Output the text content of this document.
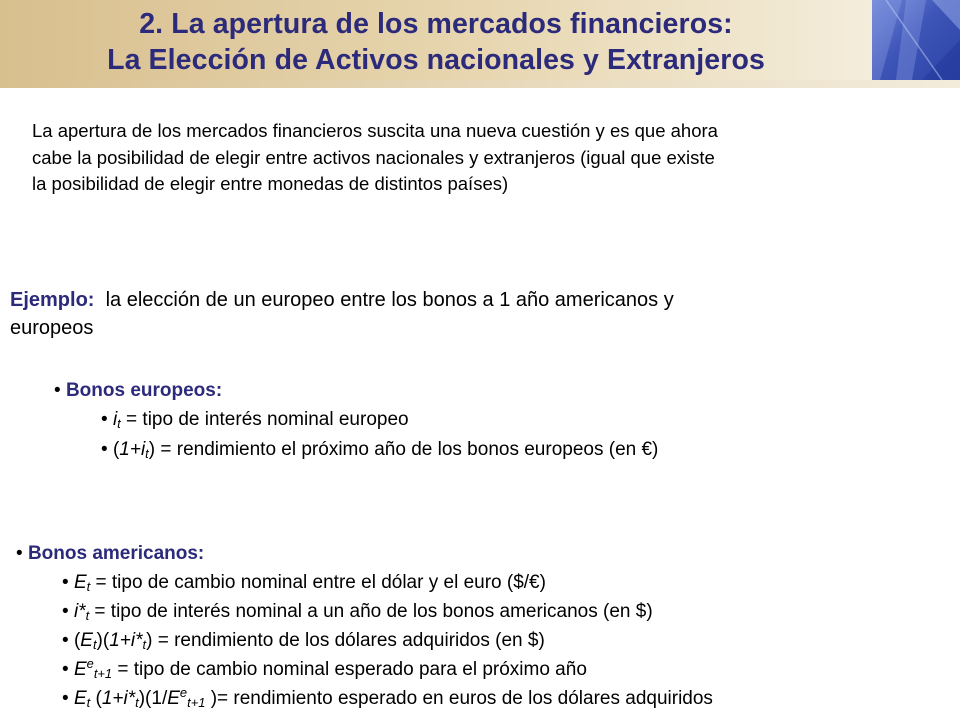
2. La apertura de los mercados financieros:
La Elección de Activos nacionales y Extranjeros
La apertura de los mercados financieros suscita una nueva cuestión y es que ahora
cabe la posibilidad de elegir entre activos nacionales y extranjeros (igual que existe
la posibilidad de elegir entre monedas de distintos países)
Ejemplo: la elección de un europeo entre los bonos a 1 año americanos y
europeos
• Bonos europeos:
• $i_t$ = tipo de interés nominal europeo
• $(1+i_t)$ = rendimiento el próximo año de los bonos europeos (en €)
• Bonos americanos:
• $E_t$ = tipo de cambio nominal entre el dólar y el euro ($/€)
• $i*_t$ = tipo de interés nominal a un año de los bonos americanos (en $)
• $(E_t)(1+i*_t)$ = rendimiento de los dólares adquiridos (en $)
• $E^e_{t+1}$ = tipo de cambio nominal esperado para el próximo año
• $E_t$ $(1+i*_t)(1/E^e_{t+1}$ )= rendimiento esperado en euros de los dólares adquiridos
